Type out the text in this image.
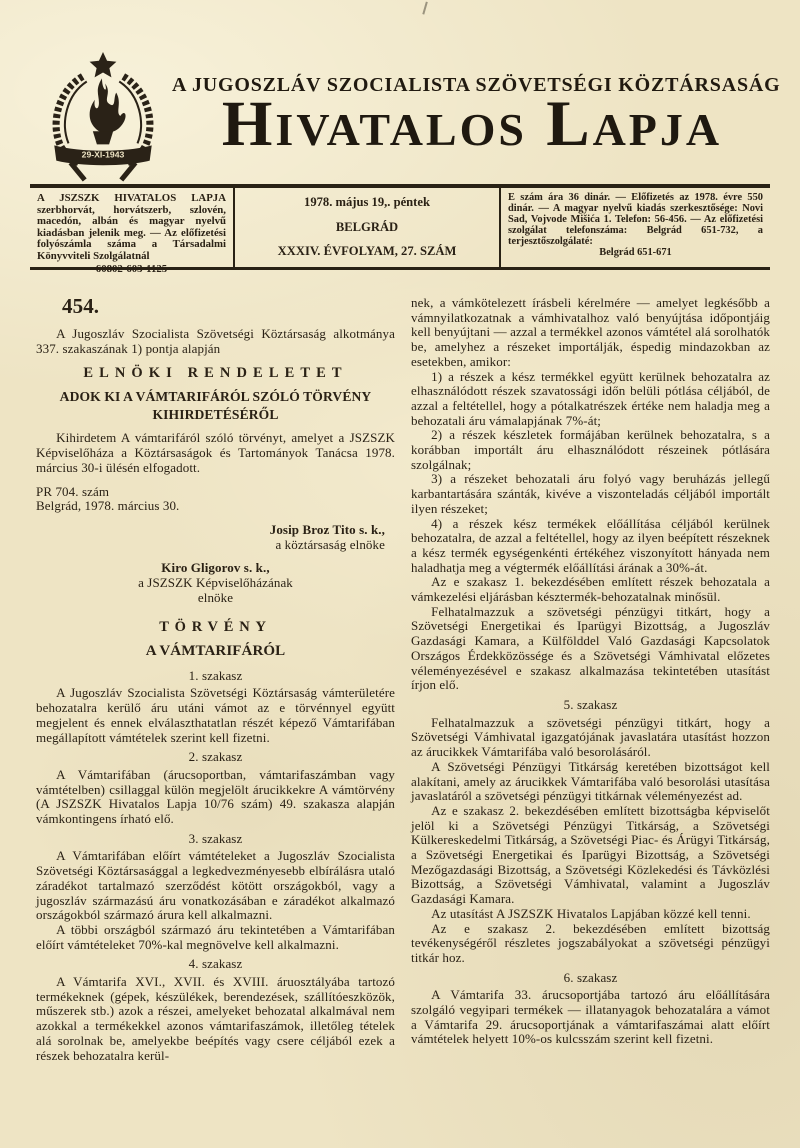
29-XI-1943
A JUGOSZLÁV SZOCIALISTA SZÖVETSÉGI KÖZTÁRSASÁG
Hivatalos Lapja
A JSZSZK HIVATALOS LAPJA szerbhorvát, horvátszerb, szlovén, macedón, albán és magyar nyelvű kiadásban jelenik meg. — Az előfizetési folyószámla száma a Társadalmi Könyvviteli Szolgálatnál
60802-603-1125
1978. május 19,. péntek
BELGRÁD
XXXIV. ÉVFOLYAM, 27. SZÁM
E szám ára 36 dinár. — Előfizetés az 1978. évre 550 dinár. — A magyar nyelvű kiadás szerkesztősége: Novi Sad, Vojvode Mišića 1. Telefon: 56-456. — Az előfizetési szolgálat telefonszáma: Belgrád 651-732, a terjesztőszolgálaté:
Belgrád 651-671
454.
A Jugoszláv Szocialista Szövetségi Köztársaság alkotmánya 337. szakaszának 1) pontja alapján
ELNÖKI RENDELETET
ADOK KI A VÁMTARIFÁRÓL SZÓLÓ TÖRVÉNY KIHIRDETÉSÉRŐL
Kihirdetem A vámtarifáról szóló törvényt, amelyet a JSZSZK Képviselőháza a Köztársaságok és Tartományok Tanácsa 1978. március 30-i ülésén elfogadott.
PR 704. szám
Belgrád, 1978. március 30.
Josip Broz Tito s. k.,
a köztársaság elnöke
Kiro Gligorov s. k.,
a JSZSZK Képviselőházának
elnöke
TÖRVÉNY
A VÁMTARIFÁRÓL
1. szakasz
A Jugoszláv Szocialista Szövetségi Köztársaság vámterületére behozatalra kerülő áru utáni vámot az e törvénnyel együtt megjelent és ennek elválaszthatatlan részét képező Vámtarifában megállapított vámtételek szerint kell fizetni.
2. szakasz
A Vámtarifában (árucsoportban, vámtarifaszámban vagy vámtételben) csillaggal külön megjelölt árucikkekre A vámtörvény (A JSZSZK Hivatalos Lapja 10/76 szám) 49. szakasza alapján vámkontingens írható elő.
3. szakasz
A Vámtarifában előírt vámtételeket a Jugoszláv Szocialista Szövetségi Köztársasággal a legkedvezményesebb elbírálásra utaló záradékot tartalmazó szerződést kötött országokból, vagy a jugoszláv származású áru vonatkozásában e záradékot alkalmazó országokból származó árura kell alkalmazni.
A többi országból származó áru tekintetében a Vámtarifában előírt vámtételeket 70%-kal megnövelve kell alkalmazni.
4. szakasz
A Vámtarifa XVI., XVII. és XVIII. áruosztályába tartozó termékeknek (gépek, készülékek, berendezések, szállítóeszközök, műszerek stb.) azok a részei, amelyeket behozatal alkalmával nem azokkal a termékekkel azonos vámtarifaszámok, illetőleg tételek alá sorolnak be, amelyekbe beépítés vagy csere céljából ezek a részek behozatalra kerül-
nek, a vámkötelezett írásbeli kérelmére — amelyet legkésőbb a vámnyilatkozatnak a vámhivatalhoz való benyújtása időpontjáig kell benyújtani — azzal a termékkel azonos vámtétel alá sorolhatók be, amelyhez a részeket importálják, éspedig mindazokban az esetekben, amikor:
1) a részek a kész termékkel együtt kerülnek behozatalra az elhasználódott részek szavatossági időn belüli pótlása céljából, de azzal a feltétellel, hogy a pótalkatrészek értéke nem haladja meg a behozatali áru vámalapjának 7%-át;
2) a részek készletek formájában kerülnek behozatalra, s a korábban importált áru elhasználódott részeinek pótlására szolgálnak;
3) a részeket behozatali áru folyó vagy beruházás jellegű karbantartására szánták, kivéve a viszonteladás céljából importált ilyen részeket;
4) a részek kész termékek előállítása céljából kerülnek behozatalra, de azzal a feltétellel, hogy az ilyen beépített részeknek a kész termék egységenkénti értékéhez viszonyított hányada nem haladhatja meg a végtermék előállítási árának a 30%-át.
Az e szakasz 1. bekezdésében említett részek behozatala a vámkezelési eljárásban késztermék-behozatalnak minősül.
Felhatalmazzuk a szövetségi pénzügyi titkárt, hogy a Szövetségi Energetikai és Iparügyi Bizottság, a Jugoszláv Gazdasági Kamara, a Külfölddel Való Gazdasági Kapcsolatok Országos Érdekközössége és a Szövetségi Vámhivatal előzetes véleményezésével e szakasz alkalmazása tekintetében utasítást írjon elő.
5. szakasz
Felhatalmazzuk a szövetségi pénzügyi titkárt, hogy a Szövetségi Vámhivatal igazgatójának javaslatára utasítást hozzon az árucikkek Vámtarifába való besorolásáról.
A Szövetségi Pénzügyi Titkárság keretében bizottságot kell alakítani, amely az árucikkek Vámtarifába való besorolási utasítása javaslatáról a szövetségi pénzügyi titkárnak véleményezést ad.
Az e szakasz 2. bekezdésében említett bizottságba képviselőt jelöl ki a Szövetségi Pénzügyi Titkárság, a Szövetségi Külkereskedelmi Titkárság, a Szövetségi Piac- és Árügyi Titkárság, a Szövetségi Energetikai és Iparügyi Bizottság, a Szövetségi Mezőgazdasági Bizottság, a Szövetségi Közlekedési és Távközlési Bizottság, a Szövetségi Vámhivatal, valamint a Jugoszláv Gazdasági Kamara.
Az utasítást A JSZSZK Hivatalos Lapjában közzé kell tenni.
Az e szakasz 2. bekezdésében említett bizottság tevékenységéről részletes jogszabályokat a szövetségi pénzügyi titkár hoz.
6. szakasz
A Vámtarifa 33. árucsoportjába tartozó áru előállítására szolgáló vegyipari termékek — illatanyagok behozatalára a vámot a Vámtarifa 29. árucsoportjának a vámtarifaszámai alatt előírt vámtételek helyett 10%-os kulcsszám szerint kell fizetni.
